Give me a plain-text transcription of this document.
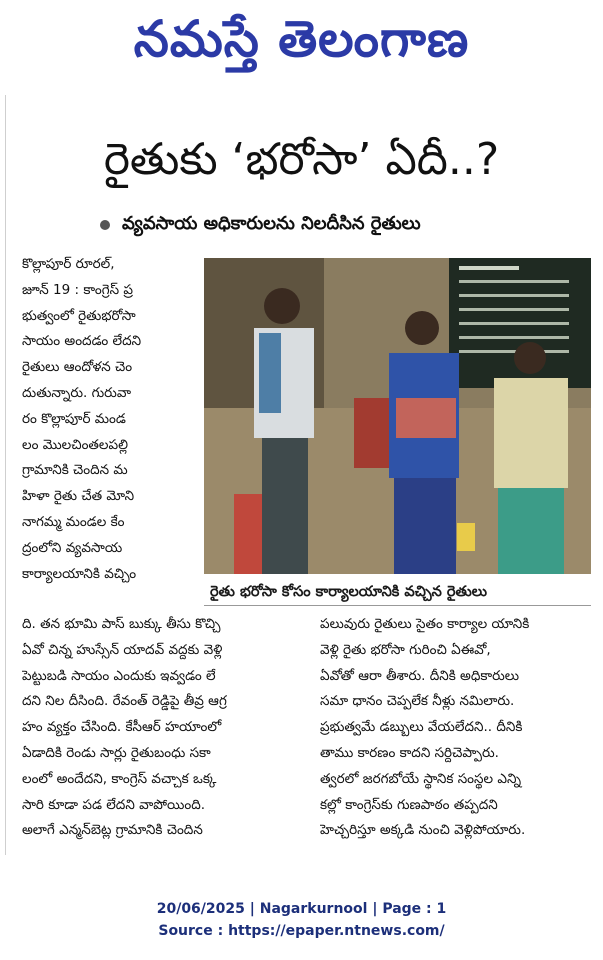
నమస్తే తెలంగాణ
రైతుకు ‘భరోసా’ ఏదీ..?
వ్యవసాయ అధికారులను నిలదీసిన రైతులు
కొల్లాపూర్ రూరల్,
జూన్ 19 : కాంగ్రెస్ ప్ర
భుత్వంలో రైతుభరోసా
సాయం అందడం లేదని
రైతులు ఆందోళన చెం
దుతున్నారు. గురువా
రం కొల్లాపూర్ మండ
లం మొలచింతలపల్లి
గ్రామానికి చెందిన మ
హిళా రైతు చేత మోని
నాగమ్మ మండల కేం
ద్రంలోని వ్యవసాయ
కార్యాలయానికి వచ్చిం
రైతు భరోసా కోసం కార్యాలయానికి వచ్చిన రైతులు
ది. తన భూమి పాస్ బుక్కు తీసు కొచ్చి
ఏవో చిన్న హుస్సేన్ యాదవ్ వద్దకు వెళ్లి
పెట్టుబడి సాయం ఎందుకు ఇవ్వడం లే
దని నిల దీసింది. రేవంత్ రెడ్డిపై తీవ్ర ఆగ్ర
హం వ్యక్తం చేసింది. కేసీఆర్ హయాంలో
ఏడాదికి రెండు సార్లు రైతుబంధు సకా
లంలో అందేదని, కాంగ్రెస్ వచ్చాక ఒక్క
సారి కూడా పడ లేదని వాపోయింది.
అలాగే ఎన్మన్‌బెట్ల గ్రామానికి చెందిన
పలువురు రైతులు సైతం కార్యాల యానికి
వెళ్లి రైతు భరోసా గురించి ఏఈవో,
ఏవోతో ఆరా తీశారు. దీనికి అధికారులు
సమా ధానం చెప్పలేక నీళ్లు నమిలారు.
ప్రభుత్వమే డబ్బులు వేయలేదని.. దీనికి
తాము కారణం కాదని సర్దిచెప్పారు.
త్వరలో జరగబోయే స్థానిక సంస్థల ఎన్ని
కల్లో కాంగ్రెస్‌కు గుణపాఠం తప్పదని
హెచ్చరిస్తూ అక్కడి నుంచి వెళ్లిపోయారు.
20/06/2025 | Nagarkurnool | Page : 1
Source : https://epaper.ntnews.com/
